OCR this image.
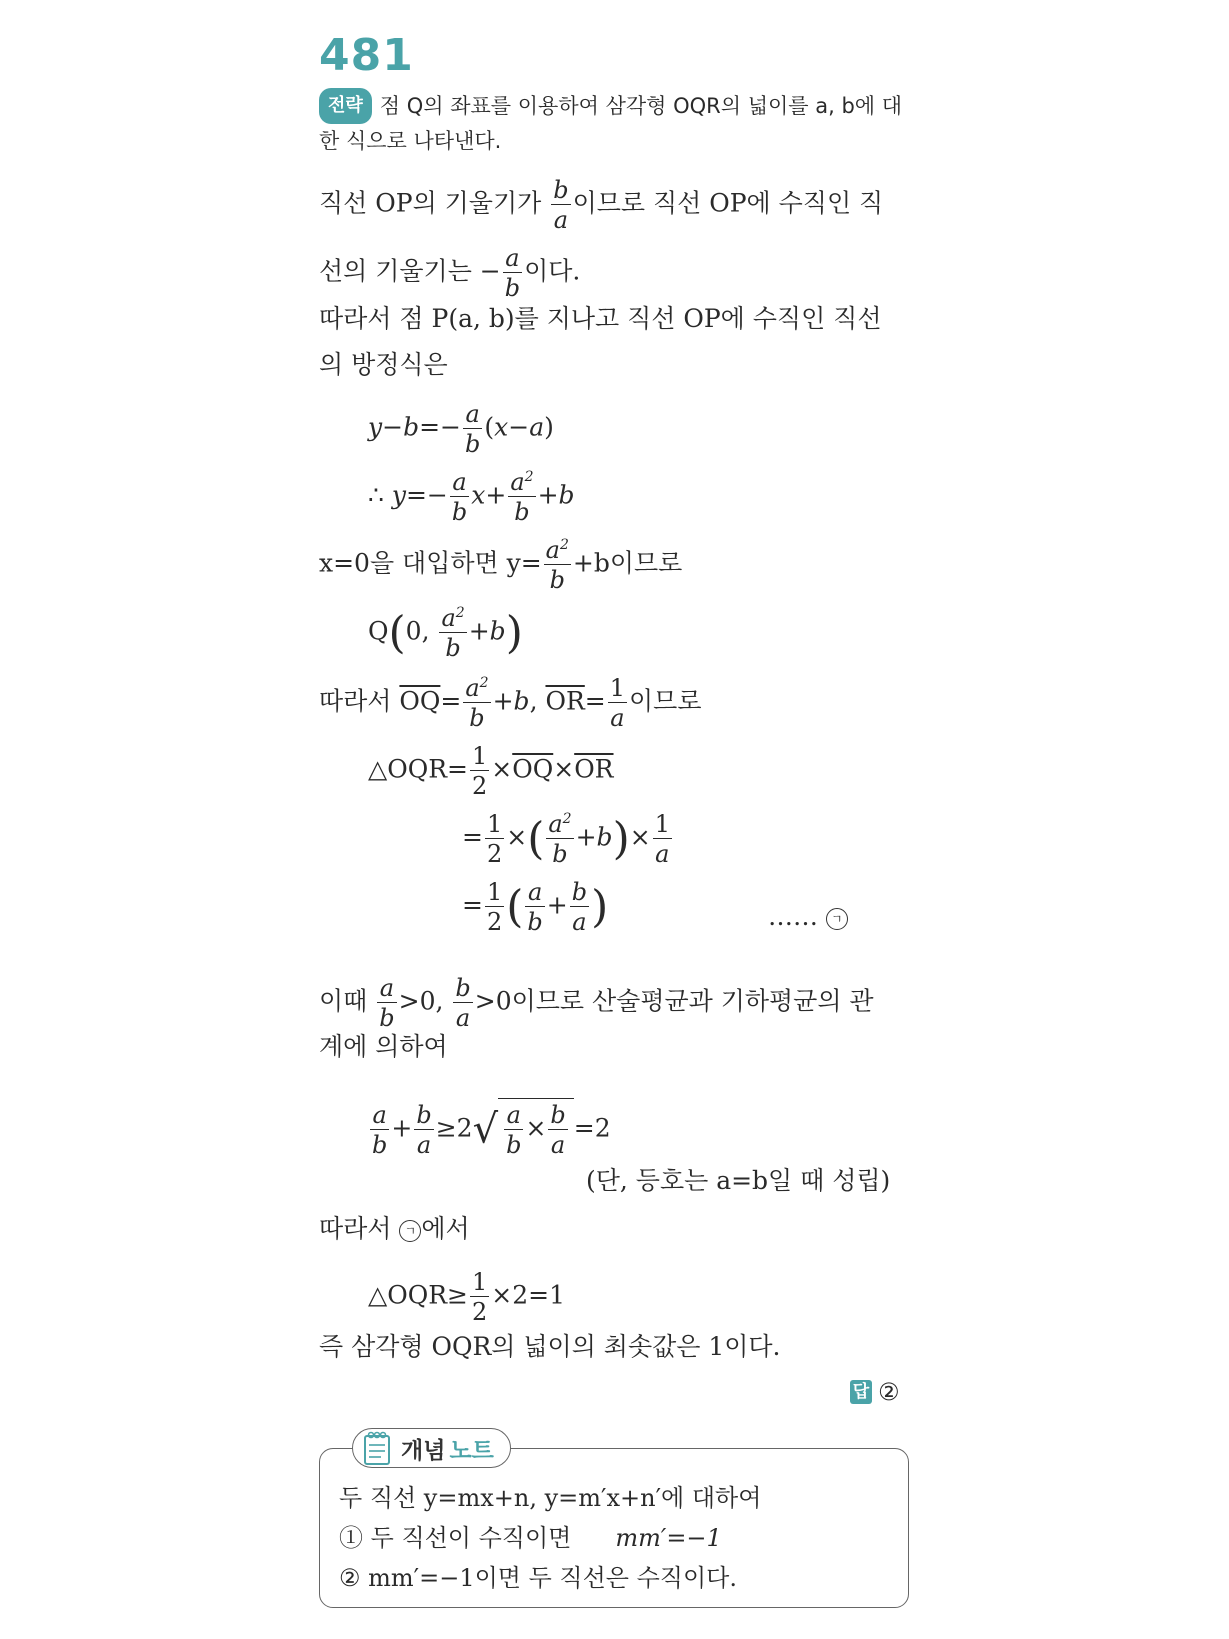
481
전략 점 Q의 좌표를 이용하여 삼각형 OQR의 넓이를 a, b에 대
한 식으로 나타낸다.
직선 OP의 기울기가 $\frac{b}{a}$ 이므로 직선 OP에 수직인 직
선의 기울기는 − $\frac{a}{b}$ 이다.
따라서 점 P(a, b)를 지나고 직선 OP에 수직인 직선
의 방정식은
$y-b=- \frac{a}{b} (x-a)$
∴ $y=- \frac{a}{b} x+ \frac{a^2}{b} +b$
x=0을 대입하면 $y= \frac{a^2}{b} +b$이므로
Q(0, $\frac{a^2}{b} +b$)
따라서 $\overline{OQ}= \frac{a^2}{b} +b$, $\overline{OR}= \frac{1}{a}$ 이므로
△OQR= $\frac{1}{2} \times\overline{OQ}\times\overline{OR}$
= $\frac{1}{2}$ ×( $\frac{a^2}{b} +b)\times \frac{1}{a}$
= $\frac{1}{2}$ ( $\frac{a}{b} + \frac{b}{a}$ )	…… ㄱ
이때 $\frac{a}{b} >0$, $\frac{b}{a} >0$이므로 산술평균과 기하평균의 관
계에 의하여
$\frac{a}{b} + \frac{b}{a} \ge 2√ \frac{a}{b} \times \frac{b}{a} =2$
(단, 등호는 a=b일 때 성립)
따라서 ㄱ 에서
△OQR≥ $\frac{1}{2} \times 2=1$
즉 삼각형 OQR의 넓이의 최솟값은 1이다.
답 ②
개념 노트
두 직선 y=mx+n, y=m′x+n′에 대하여
① 두 직선이 수직이면 mm′=−1
② mm′=−1이면 두 직선은 수직이다.
